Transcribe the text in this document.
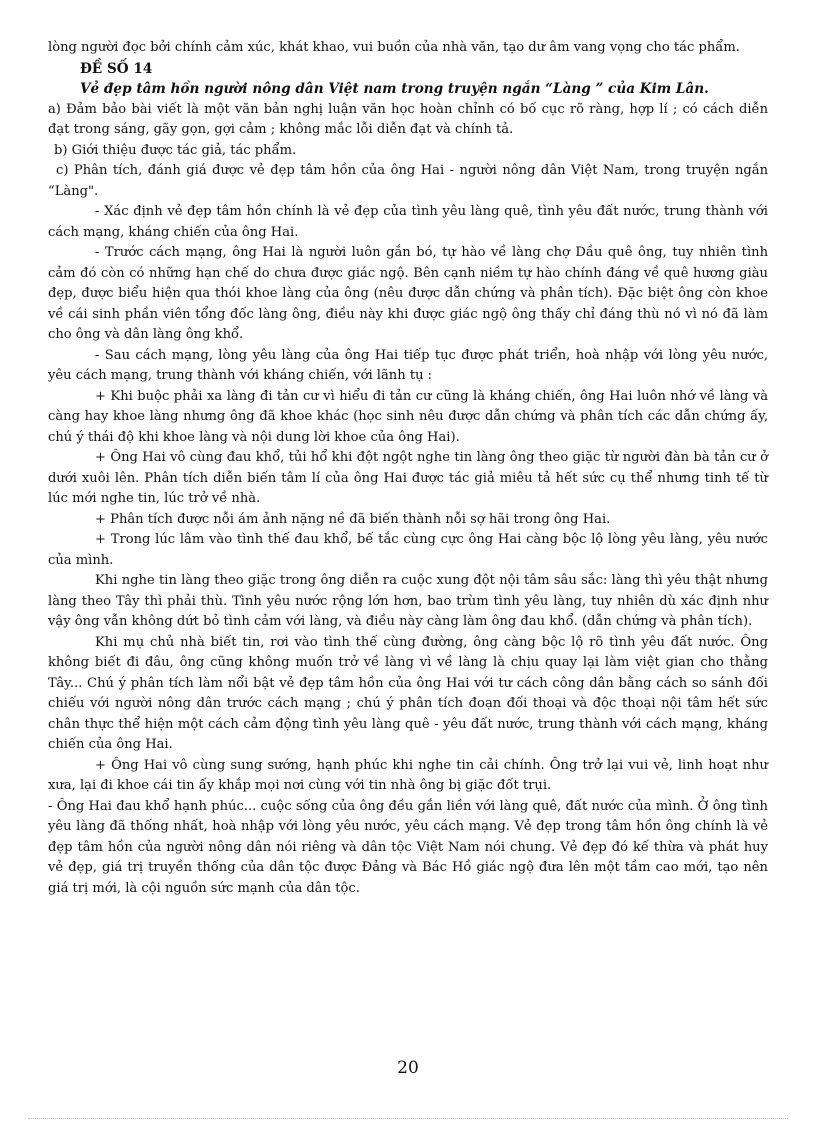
lòng người đọc bởi chính cảm xúc, khát khao, vui buồn của nhà văn, tạo dư âm vang vọng cho tác phẩm.

ĐỀ SỐ 14

Vẻ đẹp tâm hồn người nông dân Việt nam trong truyện ngắn “Làng ” của Kim Lân.

a) Đảm bảo bài viết là một văn bản nghị luận văn học hoàn chỉnh có bố cục rõ ràng, hợp lí ; có cách diễn đạt trong sáng, gãy gọn, gợi cảm ; không mắc lỗi diễn đạt và chính tả.

b) Giới thiệu được tác giả, tác phẩm.

c) Phân tích, đánh giá được vẻ đẹp tâm hồn của ông Hai - người nông dân Việt Nam, trong truyện ngắn “Làng".

- Xác định vẻ đẹp tâm hồn chính là vẻ đẹp của tình yêu làng quê, tình yêu đất nước, trung thành với cách mạng, kháng chiến của ông Hai.

- Trước cách mạng, ông Hai là người luôn gắn bó, tự hào về làng chợ Dầu quê ông, tuy nhiên tình cảm đó còn có những hạn chế do chưa được giác ngộ. Bên cạnh niềm tự hào chính đáng về quê hương giàu đẹp, được biểu hiện qua thói khoe làng của ông (nêu được dẫn chứng và phân tích). Đặc biệt ông còn khoe về cái sinh phần viên tổng đốc làng ông, điều này khi được giác ngộ ông thấy chỉ đáng thù nó vì nó đã làm cho ông và dân làng ông khổ.

- Sau cách mạng, lòng yêu làng của ông Hai tiếp tục được phát triển, hoà nhập với lòng yêu nước, yêu cách mạng, trung thành với kháng chiến, với lãnh tụ :

+ Khi buộc phải xa làng đi tản cư vì hiểu đi tản cư cũng là kháng chiến, ông Hai luôn nhớ về làng và càng hay khoe làng nhưng ông đã khoe khác (học sinh nêu được dẫn chứng và phân tích các dẫn chứng ấy, chú ý thái độ khi khoe làng và nội dung lời khoe của ông Hai).

+ Ông Hai vô cùng đau khổ, tủi hổ khi đột ngột nghe tin làng ông theo giặc từ người đàn bà tản cư ở dưới xuôi lên. Phân tích diễn biến tâm lí của ông Hai được tác giả miêu tả hết sức cụ thể nhưng tinh tế từ lúc mới nghe tin, lúc trở về nhà.

+ Phân tích được nỗi ám ảnh nặng nề đã biến thành nỗi sợ hãi trong ông Hai.

+ Trong lúc lâm vào tình thế đau khổ, bế tắc cùng cực ông Hai càng bộc lộ lòng yêu làng, yêu nước của mình.

Khi nghe tin làng theo giặc trong ông diễn ra cuộc xung đột nội tâm sâu sắc: làng thì yêu thật nhưng làng theo Tây thì phải thù. Tình yêu nước rộng lớn hơn, bao trùm tình yêu làng, tuy nhiên dù xác định như vậy ông vẫn không dứt bỏ tình cảm với làng, và điều này càng làm ông đau khổ. (dẫn chứng và phân tích).

Khi mụ chủ nhà biết tin, rơi vào tình thế cùng đường, ông càng bộc lộ rõ tình yêu đất nước. Ông không biết đi đâu, ông cũng không muốn trở về làng vì về làng là chịu quay lại làm việt gian cho thằng Tây... Chú ý phân tích làm nổi bật vẻ đẹp tâm hồn của ông Hai với tư cách công dân bằng cách so sánh đối chiếu với người nông dân trước cách mạng ; chú ý phân tích đoạn đối thoại và độc thoại nội tâm hết sức chân thực thể hiện một cách cảm động tình yêu làng quê - yêu đất nước, trung thành với cách mạng, kháng chiến của ông Hai.

+ Ông Hai vô cùng sung sướng, hạnh phúc khi nghe tin cải chính. Ông trở lại vui vẻ, linh hoạt như xưa, lại đi khoe cái tin ấy khắp mọi nơi cùng với tin nhà ông bị giặc đốt trụi.

- Ông Hai đau khổ hạnh phúc... cuộc sống của ông đều gắn liền với làng quê, đất nước của mình. Ở ông tình yêu làng đã thống nhất, hoà nhập với lòng yêu nước, yêu cách mạng. Vẻ đẹp trong tâm hồn ông chính là vẻ đẹp tâm hồn của người nông dân nói riêng và dân tộc Việt Nam nói chung. Vẻ đẹp đó kế thừa và phát huy vẻ đẹp, giá trị truyền thống của dân tộc được Đảng và Bác Hồ giác ngộ đưa lên một tầm cao mới, tạo nên giá trị mới, là cội nguồn sức mạnh của dân tộc.

20
